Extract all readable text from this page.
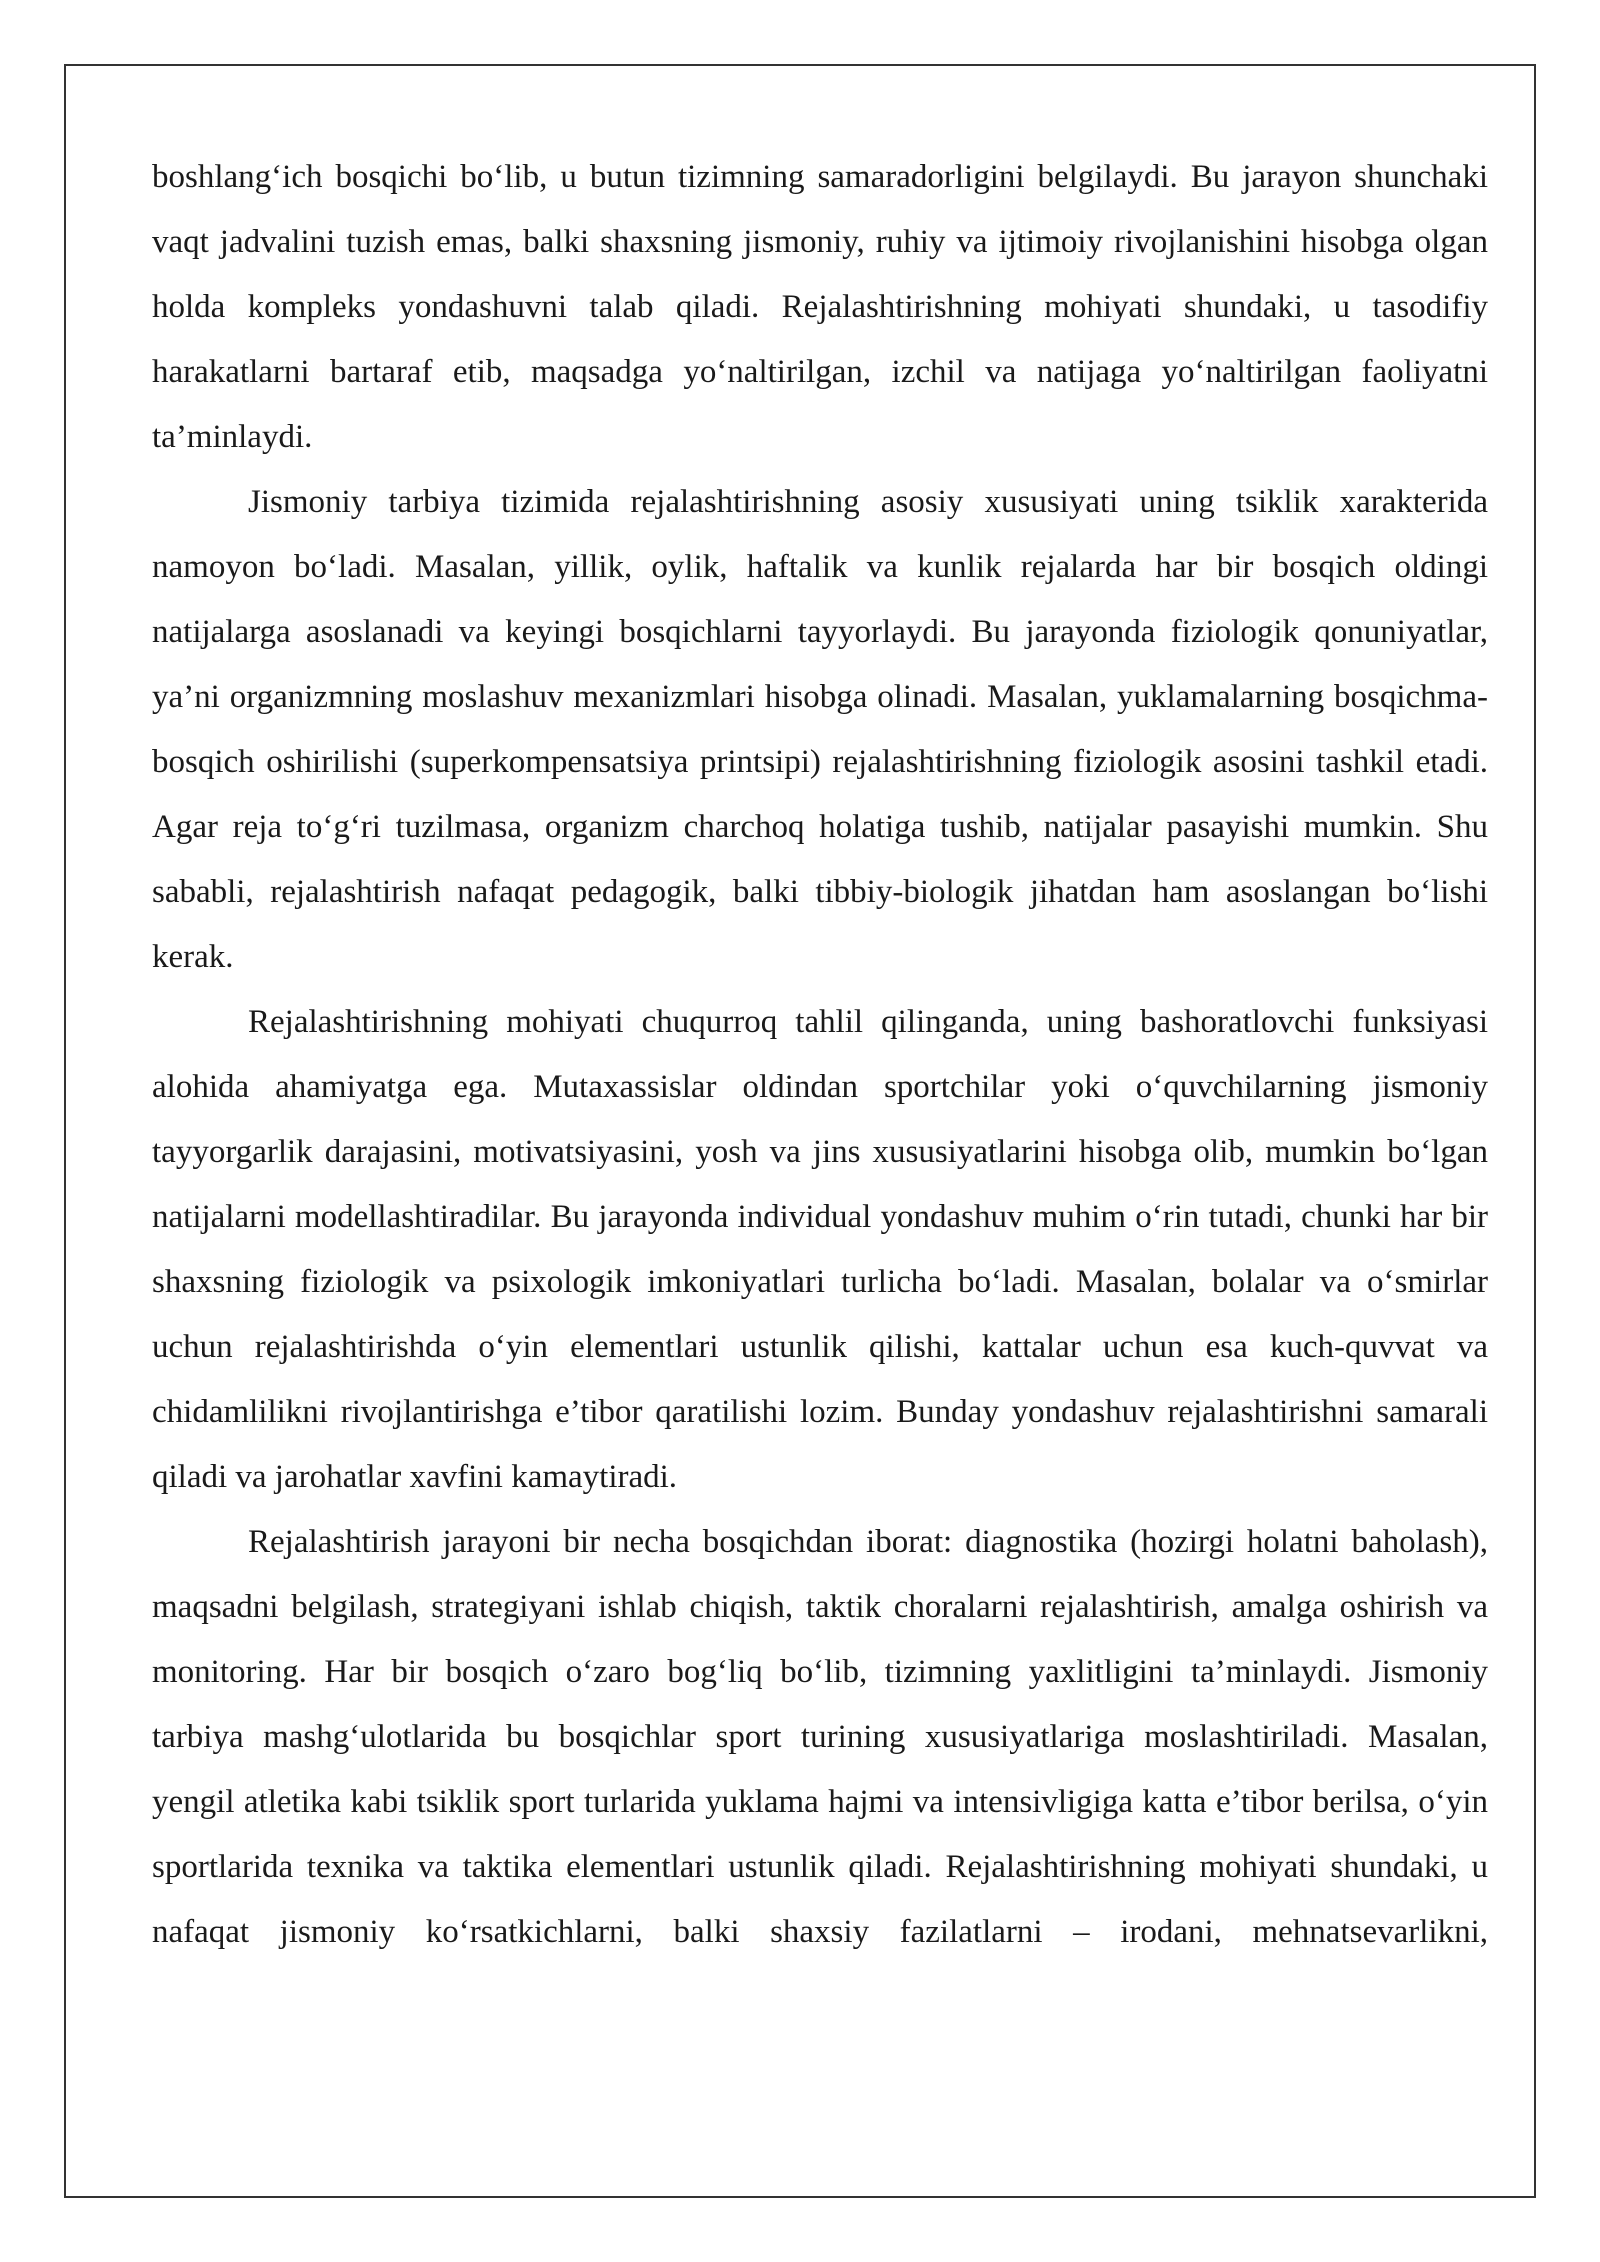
boshlang‘ich bosqichi bo‘lib, u butun tizimning samaradorligini belgilaydi. Bu jarayon shunchaki vaqt jadvalini tuzish emas, balki shaxsning jismoniy, ruhiy va ijtimoiy rivojlanishini hisobga olgan holda kompleks yondashuvni talab qiladi. Rejalashtirishning mohiyati shundaki, u tasodifiy harakatlarni bartaraf etib, maqsadga yo‘naltirilgan, izchil va natijaga yo‘naltirilgan faoliyatni ta’minlaydi.

Jismoniy tarbiya tizimida rejalashtirishning asosiy xususiyati uning tsiklik xarakterida namoyon bo‘ladi. Masalan, yillik, oylik, haftalik va kunlik rejalarda har bir bosqich oldingi natijalarga asoslanadi va keyingi bosqichlarni tayyorlaydi. Bu jarayonda fiziologik qonuniyatlar, ya’ni organizmning moslashuv mexanizmlari hisobga olinadi. Masalan, yuklamalarning bosqichma-bosqich oshirilishi (superkompensatsiya printsipi) rejalashtirishning fiziologik asosini tashkil etadi. Agar reja to‘g‘ri tuzilmasa, organizm charchoq holatiga tushib, natijalar pasayishi mumkin. Shu sababli, rejalashtirish nafaqat pedagogik, balki tibbiy-biologik jihatdan ham asoslangan bo‘lishi kerak.

Rejalashtirishning mohiyati chuqurroq tahlil qilinganda, uning bashoratlovchi funksiyasi alohida ahamiyatga ega. Mutaxassislar oldindan sportchilar yoki o‘quvchilarning jismoniy tayyorgarlik darajasini, motivatsiyasini, yosh va jins xususiyatlarini hisobga olib, mumkin bo‘lgan natijalarni modellashtiradilar. Bu jarayonda individual yondashuv muhim o‘rin tutadi, chunki har bir shaxsning fiziologik va psixologik imkoniyatlari turlicha bo‘ladi. Masalan, bolalar va o‘smirlar uchun rejalashtirishda o‘yin elementlari ustunlik qilishi, kattalar uchun esa kuch-quvvat va chidamlilikni rivojlantirishga e’tibor qaratilishi lozim. Bunday yondashuv rejalashtirishni samarali qiladi va jarohatlar xavfini kamaytiradi.

Rejalashtirish jarayoni bir necha bosqichdan iborat: diagnostika (hozirgi holatni baholash), maqsadni belgilash, strategiyani ishlab chiqish, taktik choralarni rejalashtirish, amalga oshirish va monitoring. Har bir bosqich o‘zaro bog‘liq bo‘lib, tizimning yaxlitligini ta’minlaydi. Jismoniy tarbiya mashg‘ulotlarida bu bosqichlar sport turining xususiyatlariga moslashtiriladi. Masalan, yengil atletika kabi tsiklik sport turlarida yuklama hajmi va intensivligiga katta e’tibor berilsa, o‘yin sportlarida texnika va taktika elementlari ustunlik qiladi. Rejalashtirishning mohiyati shundaki, u nafaqat jismoniy ko‘rsatkichlarni, balki shaxsiy fazilatlarni – irodani, mehnatsevarlikni,
